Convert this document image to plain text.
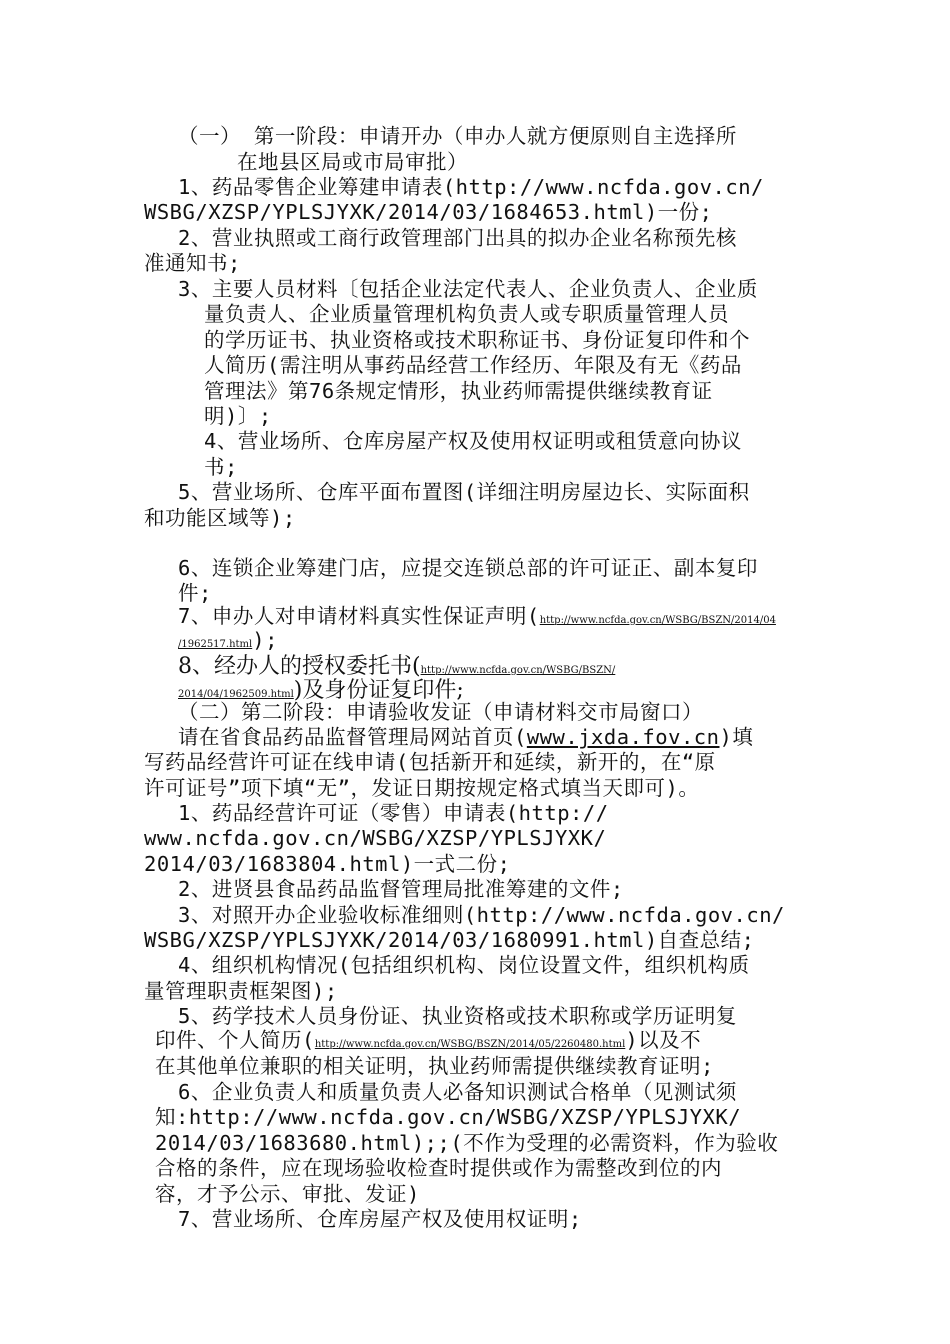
（一） 第一阶段：申请开办（申办人就方便原则自主选择所
在地县区局或市局审批）
1、药品零售企业筹建申请表(http://www.ncfda.gov.cn/
WSBG/XZSP/YPLSJYXK/2014/03/1684653.html)一份;
2、营业执照或工商行政管理部门出具的拟办企业名称预先核
准通知书;
3、主要人员材料〔包括企业法定代表人、企业负责人、企业质
量负责人、企业质量管理机构负责人或专职质量管理人员
的学历证书、执业资格或技术职称证书、身份证复印件和个
人简历(需注明从事药品经营工作经历、年限及有无《药品
管理法》第76条规定情形，执业药师需提供继续教育证
明)〕;
4、营业场所、仓库房屋产权及使用权证明或租赁意向协议
书;
5、营业场所、仓库平面布置图(详细注明房屋边长、实际面积
和功能区域等);
6、连锁企业筹建门店，应提交连锁总部的许可证正、副本复印
件;
7、申办人对申请材料真实性保证声明(http://www.ncfda.gov.cn/WSBG/BSZN/2014/04
/1962517.html);
8、经办人的授权委托书(http://www.ncfda.gov.cn/WSBG/BSZN/
2014/04/1962509.html)及身份证复印件;
（二）第二阶段：申请验收发证（申请材料交市局窗口）
请在省食品药品监督管理局网站首页(www.jxda.fov.cn)填
写药品经营许可证在线申请(包括新开和延续，新开的，在“原
许可证号”项下填“无”，发证日期按规定格式填当天即可)。
1、药品经营许可证（零售）申请表(http://
www.ncfda.gov.cn/WSBG/XZSP/YPLSJYXK/
2014/03/1683804.html)一式二份;
2、进贤县食品药品监督管理局批准筹建的文件;
3、对照开办企业验收标准细则(http://www.ncfda.gov.cn/
WSBG/XZSP/YPLSJYXK/2014/03/1680991.html)自查总结;
4、组织机构情况(包括组织机构、岗位设置文件，组织机构质
量管理职责框架图);
5、药学技术人员身份证、执业资格或技术职称或学历证明复
印件、个人简历(http://www.ncfda.gov.cn/WSBG/BSZN/2014/05/2260480.html)以及不
在其他单位兼职的相关证明，执业药师需提供继续教育证明;
6、企业负责人和质量负责人必备知识测试合格单（见测试须
知:http://www.ncfda.gov.cn/WSBG/XZSP/YPLSJYXK/
2014/03/1683680.html);;(不作为受理的必需资料，作为验收
合格的条件，应在现场验收检查时提供或作为需整改到位的内
容，才予公示、审批、发证)
7、营业场所、仓库房屋产权及使用权证明;
